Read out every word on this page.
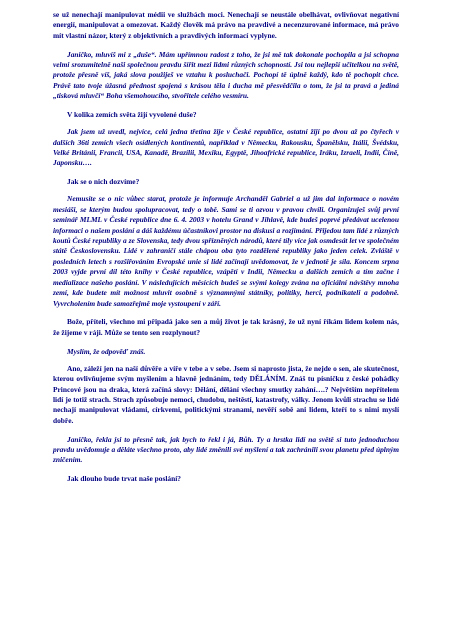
se už nenechají manipulovat médii ve službách moci. Nenechají se neustále obelhávat, ovlivňovat negativní energií, manipulovat a omezovat. Každý člověk má právo na pravdivé a necenzurované informace, má právo mít vlastní názor, který z objektivních a pravdivých informací vyplyne.

Janičko, mluvíš mi z „duše“. Mám upřímnou radost z toho, že jsi mě tak dokonale pochopila a jsi schopna velmi srozumitelně naši společnou pravdu šířit mezi lidmi různých schopností. Jsi tou nejlepší učitelkou na světě, protože přesně víš, jaká slova použiješ ve vztahu k posluchači. Pochopí tě úplně každý, kdo tě pochopit chce. Právě tato tvoje úžasná přednost spojená s krásou těla i ducha mě přesvědčila o tom, že jsi ta pravá a jediná „tisková mluvčí“ Boha všemohoucího, stvořitele celého vesmíru.

V kolika zemích světa žijí vyvolené duše?

Jak jsem už uvedl, nejvíce, celá jedna třetina žije v České republice, ostatní žijí po dvou až po čtyřech v dalších 36ti zemích všech osídlených kontinentů, například v Německu, Rakousku, Španělsku, Itálii, Švédsku, Velké Británii, Francii, USA, Kanadě, Brazílii, Mexiku, Egyptě, Jihoafrické republice, Iráku, Izraeli, Indii, Číně, Japonsku….

Jak se o nich dozvíme?

Nemusíte se o nic vůbec starat, protože je informuje Archanděl Gabriel a už jim dal informace o novém mesiáši, se kterým budou spolupracovat, tedy o tobě. Sami se ti ozvou v pravou chvíli. Organizuješ svůj první seminář MLML v České republice dne 6. 4. 2003 v hotelu Grand v Jihlavě, kde budeš poprvé předávat ucelenou informaci o našem poslání a dáš každému účastníkovi prostor na diskusi a rozjímání. Přijedou tam lidé z různých koutů České republiky a ze Slovenska, tedy dvou spřízněných národů, které tíly více jak osmdesát let ve společném státě Československu. Lidé v zahraničí stále chápou oba tyto rozdělené republiky jako jeden celek. Zvláště v posledních letech s rozšiřováním Evropské unie si lidé začínají uvědomovat, že v jednotě je síla. Koncem srpna 2003 vyjde první díl této knihy v České republice, vzápětí v Indii, Německu a dalších zemích a tím začne i medializace našeho poslání. V následujících měsících budeš se svými kolegy zvána na oficiální návštěvy mnoha zemí, kde budete mít možnost mluvit osobně s významnými státníky, politiky, herci, podnikateli a podobně. Vyvrcholením bude samozřejmě moje vystoupení v září.

Bože, příteli, všechno mi připadá jako sen a můj život je tak krásný, že už nyní říkám lidem kolem nás, že žijeme v ráji. Může se tento sen rozplynout?

Myslím, že odpověď znáš.

Ano, záleží jen na naší důvěře a víře v tebe a v sebe. Jsem si naprosto jista, že nejde o sen, ale skutečnost, kterou ovlivňujeme svým myšlením a hlavně jednáním, tedy DĚLÁNÍM. Znáš tu písničku z české pohádky Princové jsou na draka, která začíná slovy: Dělání, dělání všechny smutky zahání….? Největším nepřítelem lidí je totiž strach. Strach způsobuje nemoci, chudobu, neštěstí, katastrofy, války. Jenom kvůli strachu se lidé nechají manipulovat vládami, církvemi, politickými stranami, nevěří sobě ani lidem, kteří to s nimi myslí dobře.

Janičko, řekla jsi to přesně tak, jak bych to řekl i já, Bůh. Ty a hrstka lidí na světě si tuto jednoduchou pravdu uvědomuje a děláte všechno proto, aby lidé změnili své myšlení a tak zachránili svou planetu před úplným zničením.

Jak dlouho bude trvat naše poslání?
